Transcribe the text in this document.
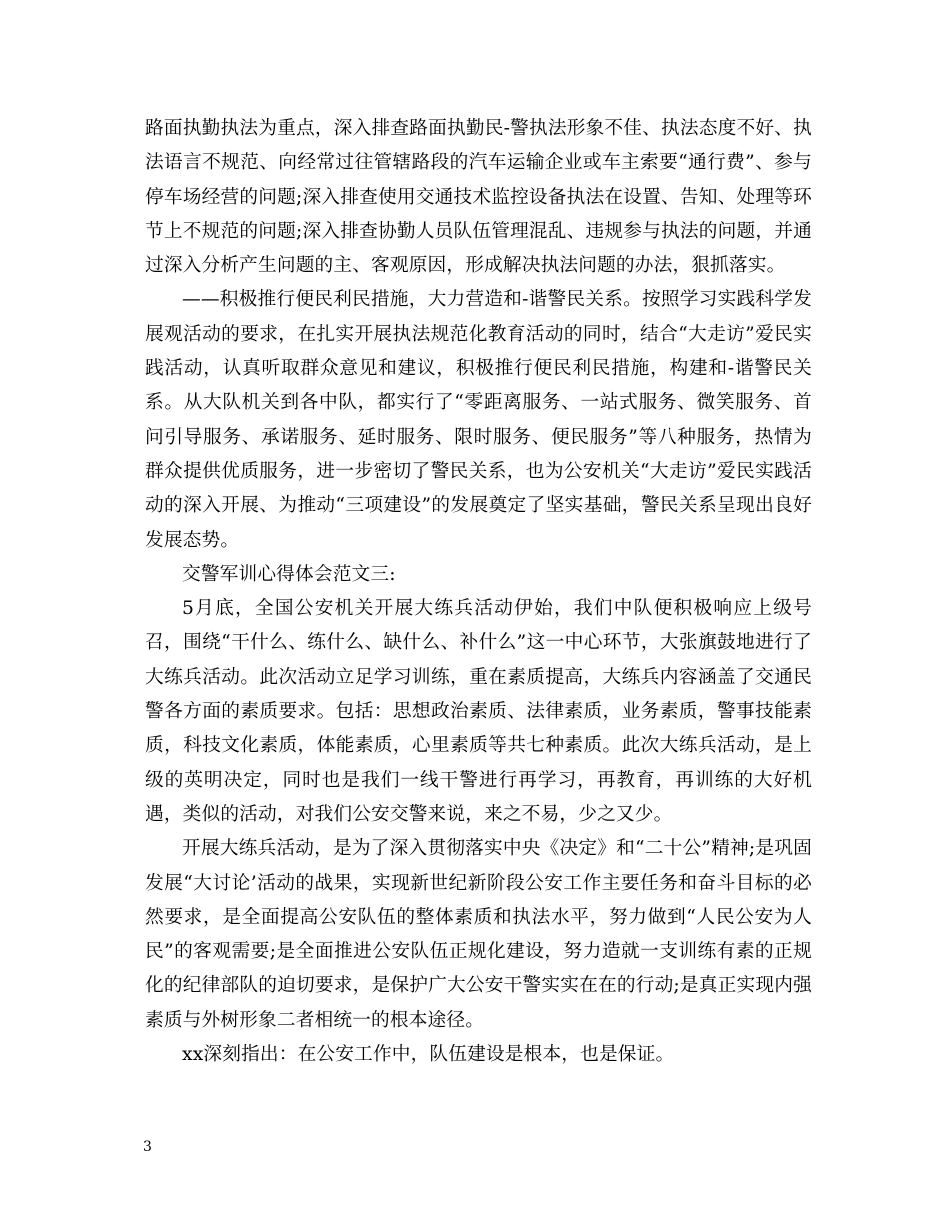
路面执勤执法为重点，深入排查路面执勤民-警执法形象不佳、执法态度不好、执法语言不规范、向经常过往管辖路段的汽车运输企业或车主索要“通行费”、参与停车场经营的问题;深入排查使用交通技术监控设备执法在设置、告知、处理等环节上不规范的问题;深入排查协勤人员队伍管理混乱、违规参与执法的问题，并通过深入分析产生问题的主、客观原因，形成解决执法问题的办法，狠抓落实。

——积极推行便民利民措施，大力营造和-谐警民关系。按照学习实践科学发展观活动的要求，在扎实开展执法规范化教育活动的同时，结合“大走访”爱民实践活动，认真听取群众意见和建议，积极推行便民利民措施，构建和-谐警民关系。从大队机关到各中队，都实行了“零距离服务、一站式服务、微笑服务、首问引导服务、承诺服务、延时服务、限时服务、便民服务”等八种服务，热情为群众提供优质服务，进一步密切了警民关系，也为公安机关“大走访”爱民实践活动的深入开展、为推动“三项建设”的发展奠定了坚实基础，警民关系呈现出良好发展态势。

交警军训心得体会范文三:

5月底，全国公安机关开展大练兵活动伊始，我们中队便积极响应上级号召，围绕“干什么、练什么、缺什么、补什么”这一中心环节，大张旗鼓地进行了大练兵活动。此次活动立足学习训练，重在素质提高，大练兵内容涵盖了交通民警各方面的素质要求。包括：思想政治素质、法律素质，业务素质，警事技能素质，科技文化素质，体能素质，心里素质等共七种素质。此次大练兵活动，是上级的英明决定，同时也是我们一线干警进行再学习，再教育，再训练的大好机遇，类似的活动，对我们公安交警来说，来之不易，少之又少。

开展大练兵活动，是为了深入贯彻落实中央《决定》和“二十公”精神;是巩固发展“大讨论’活动的战果，实现新世纪新阶段公安工作主要任务和奋斗目标的必然要求，是全面提高公安队伍的整体素质和执法水平，努力做到“人民公安为人民”的客观需要;是全面推进公安队伍正规化建设，努力造就一支训练有素的正规化的纪律部队的迫切要求，是保护广大公安干警实实在在的行动;是真正实现内强素质与外树形象二者相统一的根本途径。

xx深刻指出：在公安工作中，队伍建设是根本，也是保证。

3
